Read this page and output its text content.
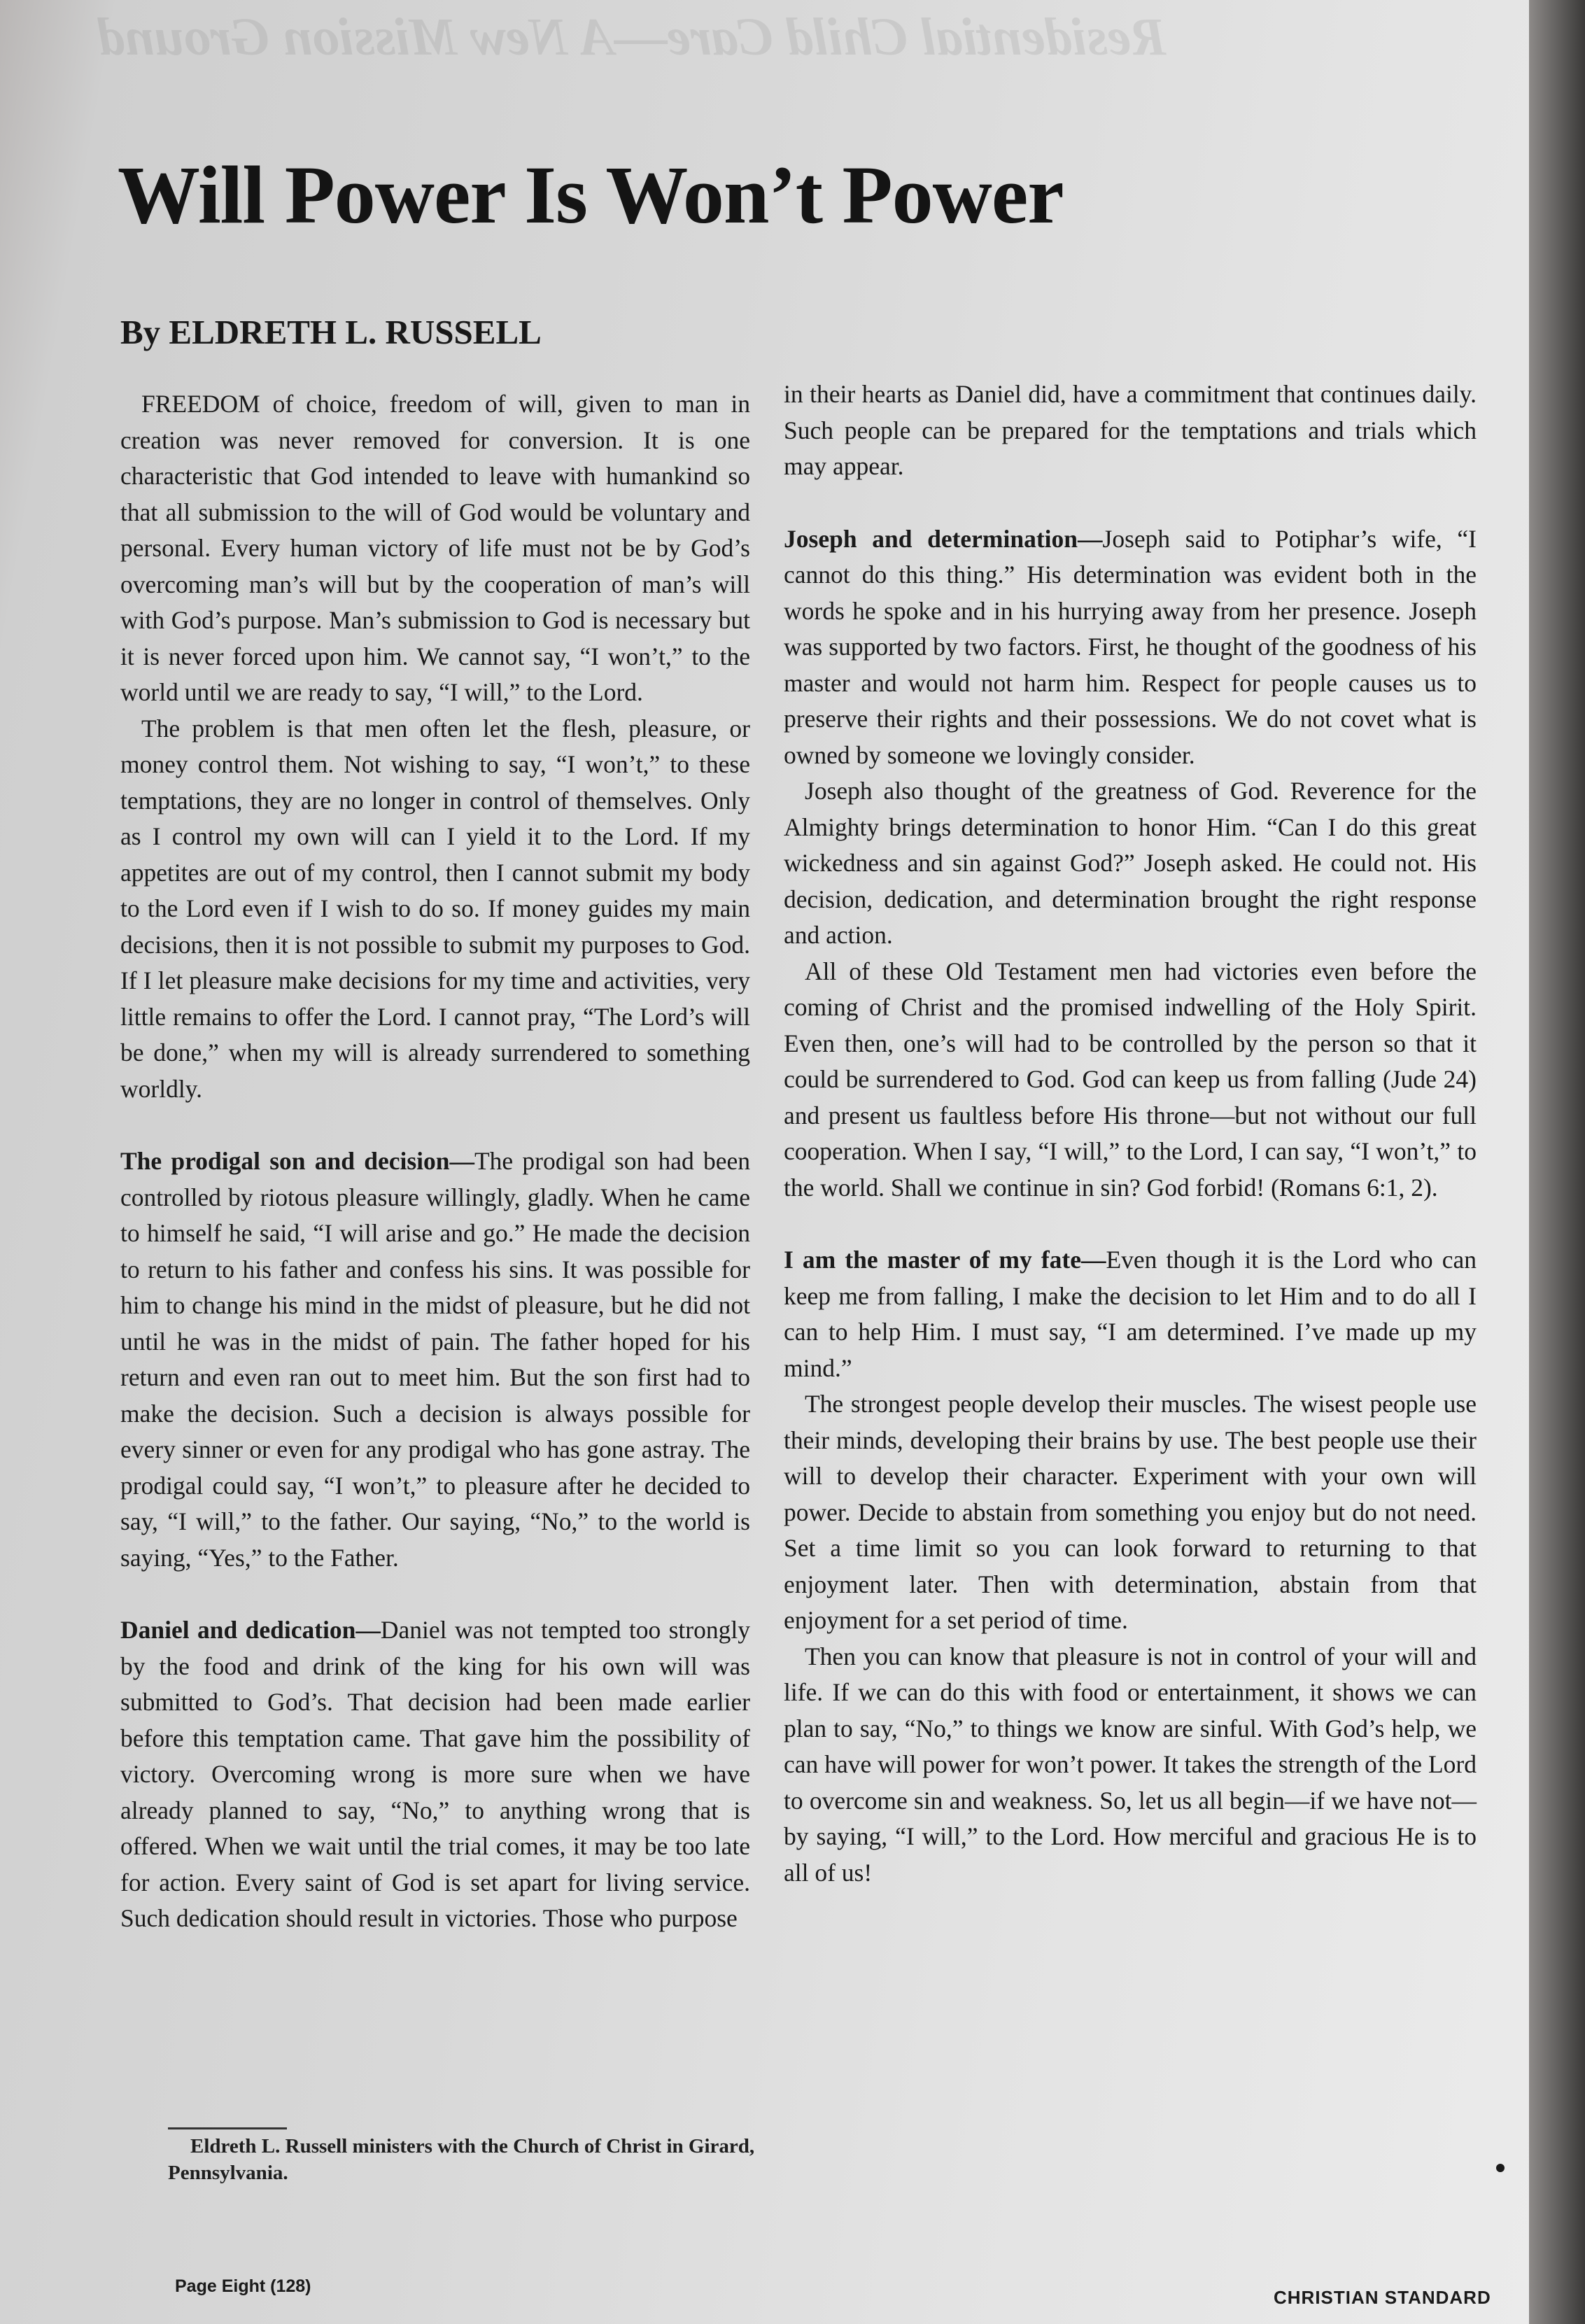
Residential Child Care—A New Mission Ground
Will Power Is Won’t Power
By ELDRETH L. RUSSELL

FREEDOM of choice, freedom of will, given to man in creation was never removed for conversion. It is one characteristic that God intended to leave with humankind so that all submission to the will of God would be voluntary and personal. Every human victory of life must not be by God’s overcoming man’s will but by the cooperation of man’s will with God’s purpose. Man’s submission to God is necessary but it is never forced upon him. We cannot say, “I won’t,” to the world until we are ready to say, “I will,” to the Lord.

The problem is that men often let the flesh, pleasure, or money control them. Not wishing to say, “I won’t,” to these temptations, they are no longer in control of themselves. Only as I control my own will can I yield it to the Lord. If my appetites are out of my control, then I cannot submit my body to the Lord even if I wish to do so. If money guides my main decisions, then it is not possible to submit my purposes to God. If I let pleasure make decisions for my time and activities, very little remains to offer the Lord. I cannot pray, “The Lord’s will be done,” when my will is already surrendered to something worldly.

The prodigal son and decision—The prodigal son had been controlled by riotous pleasure willingly, gladly. When he came to himself he said, “I will arise and go.” He made the decision to return to his father and confess his sins. It was possible for him to change his mind in the midst of pleasure, but he did not until he was in the midst of pain. The father hoped for his return and even ran out to meet him. But the son first had to make the decision. Such a decision is always possible for every sinner or even for any prodigal who has gone astray. The prodigal could say, “I won’t,” to pleasure after he decided to say, “I will,” to the father. Our saying, “No,” to the world is saying, “Yes,” to the Father.

Daniel and dedication—Daniel was not tempted too strongly by the food and drink of the king for his own will was submitted to God’s. That decision had been made earlier before this temptation came. That gave him the possibility of victory. Overcoming wrong is more sure when we have already planned to say, “No,” to anything wrong that is offered. When we wait until the trial comes, it may be too late for action. Every saint of God is set apart for living service. Such dedication should result in victories. Those who purpose

Eldreth L. Russell ministers with the Church of Christ in Girard, Pennsylvania.

in their hearts as Daniel did, have a commitment that continues daily. Such people can be prepared for the temptations and trials which may appear.

Joseph and determination—Joseph said to Potiphar’s wife, “I cannot do this thing.” His determination was evident both in the words he spoke and in his hurrying away from her presence. Joseph was supported by two factors. First, he thought of the goodness of his master and would not harm him. Respect for people causes us to preserve their rights and their possessions. We do not covet what is owned by someone we lovingly consider.

Joseph also thought of the greatness of God. Reverence for the Almighty brings determination to honor Him. “Can I do this great wickedness and sin against God?” Joseph asked. He could not. His decision, dedication, and determination brought the right response and action.

All of these Old Testament men had victories even before the coming of Christ and the promised indwelling of the Holy Spirit. Even then, one’s will had to be controlled by the person so that it could be surrendered to God. God can keep us from falling (Jude 24) and present us faultless before His throne—but not without our full cooperation. When I say, “I will,” to the Lord, I can say, “I won’t,” to the world. Shall we continue in sin? God forbid! (Romans 6:1, 2).

I am the master of my fate—Even though it is the Lord who can keep me from falling, I make the decision to let Him and to do all I can to help Him. I must say, “I am determined. I’ve made up my mind.”

The strongest people develop their muscles. The wisest people use their minds, developing their brains by use. The best people use their will to develop their character. Experiment with your own will power. Decide to abstain from something you enjoy but do not need. Set a time limit so you can look forward to returning to that enjoyment later. Then with determination, abstain from that enjoyment for a set period of time.

Then you can know that pleasure is not in control of your will and life. If we can do this with food or entertainment, it shows we can plan to say, “No,” to things we know are sinful. With God’s help, we can have will power for won’t power. It takes the strength of the Lord to overcome sin and weakness. So, let us all begin—if we have not—by saying, “I will,” to the Lord. How merciful and gracious He is to all of us!

Page Eight (128)
CHRISTIAN STANDARD
